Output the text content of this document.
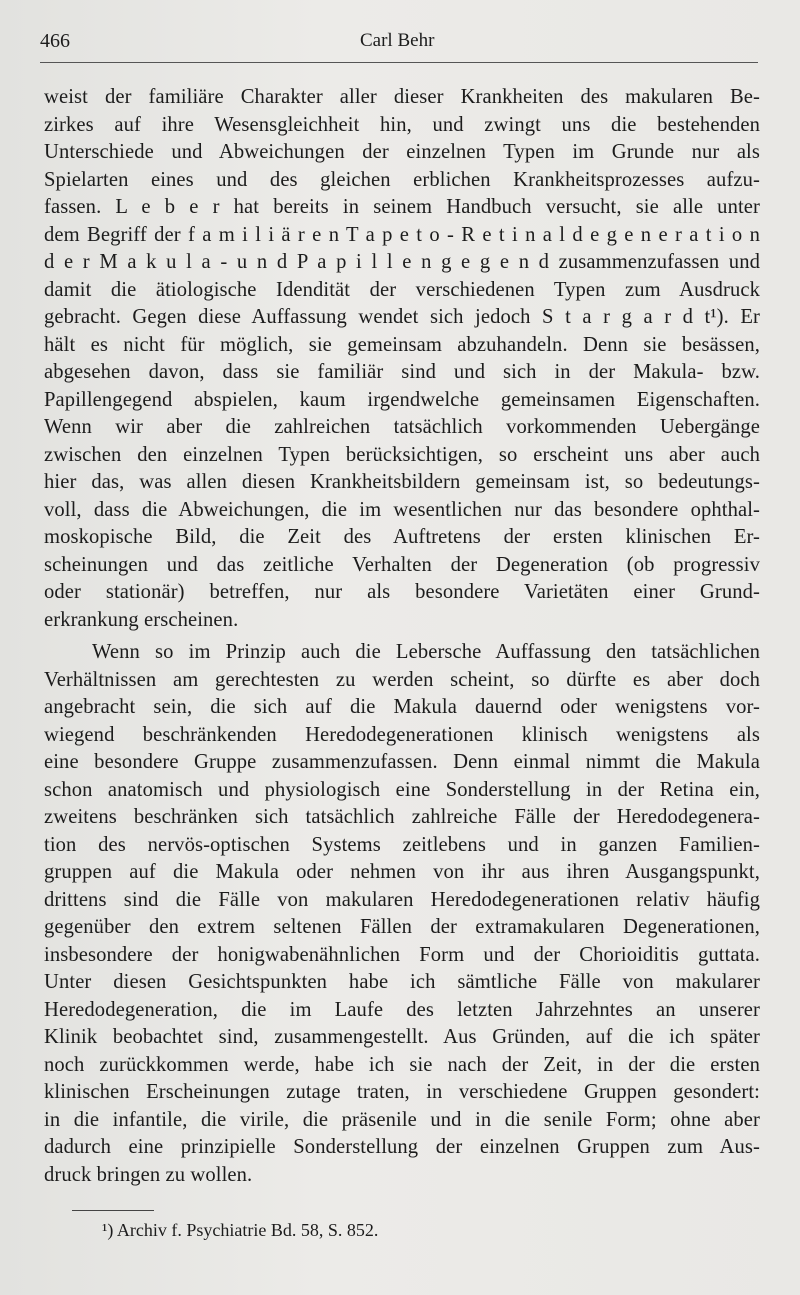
466	Carl Behr
weist der familiäre Charakter aller dieser Krankheiten des makularen Be-
zirkes auf ihre Wesensgleichheit hin, und zwingt uns die bestehenden
Unterschiede und Abweichungen der einzelnen Typen im Grunde nur als
Spielarten eines und des gleichen erblichen Krankheitsprozesses aufzu-
fassen. L e b e r hat bereits in seinem Handbuch versucht, sie alle unter
dem Begriff der f a m i l i ä r e n T a p e t o - R e t i n a l d e g e n e r a t i o n
d e r M a k u l a - u n d P a p i l l e n g e g e n d zusammenzufassen und
damit die ätiologische Idendität der verschiedenen Typen zum Ausdruck
gebracht. Gegen diese Auffassung wendet sich jedoch S t a r g a r d t¹). Er
hält es nicht für möglich, sie gemeinsam abzuhandeln. Denn sie besässen,
abgesehen davon, dass sie familiär sind und sich in der Makula- bzw.
Papillengegend abspielen, kaum irgendwelche gemeinsamen Eigenschaften.
Wenn wir aber die zahlreichen tatsächlich vorkommenden Uebergänge
zwischen den einzelnen Typen berücksichtigen, so erscheint uns aber auch
hier das, was allen diesen Krankheitsbildern gemeinsam ist, so bedeutungs-
voll, dass die Abweichungen, die im wesentlichen nur das besondere ophthal-
moskopische Bild, die Zeit des Auftretens der ersten klinischen Er-
scheinungen und das zeitliche Verhalten der Degeneration (ob progressiv
oder stationär) betreffen, nur als besondere Varietäten einer Grund-
erkrankung erscheinen.
Wenn so im Prinzip auch die Lebersche Auffassung den tatsächlichen
Verhältnissen am gerechtesten zu werden scheint, so dürfte es aber doch
angebracht sein, die sich auf die Makula dauernd oder wenigstens vor-
wiegend beschränkenden Heredodegenerationen klinisch wenigstens als
eine besondere Gruppe zusammenzufassen. Denn einmal nimmt die Makula
schon anatomisch und physiologisch eine Sonderstellung in der Retina ein,
zweitens beschränken sich tatsächlich zahlreiche Fälle der Heredodegenera-
tion des nervös-optischen Systems zeitlebens und in ganzen Familien-
gruppen auf die Makula oder nehmen von ihr aus ihren Ausgangspunkt,
drittens sind die Fälle von makularen Heredodegenerationen relativ häufig
gegenüber den extrem seltenen Fällen der extramakularen Degenerationen,
insbesondere der honigwabenähnlichen Form und der Chorioiditis guttata.
Unter diesen Gesichtspunkten habe ich sämtliche Fälle von makularer
Heredodegeneration, die im Laufe des letzten Jahrzehntes an unserer
Klinik beobachtet sind, zusammengestellt. Aus Gründen, auf die ich später
noch zurückkommen werde, habe ich sie nach der Zeit, in der die ersten
klinischen Erscheinungen zutage traten, in verschiedene Gruppen gesondert:
in die infantile, die virile, die präsenile und in die senile Form; ohne aber
dadurch eine prinzipielle Sonderstellung der einzelnen Gruppen zum Aus-
druck bringen zu wollen.
¹) Archiv f. Psychiatrie Bd. 58, S. 852.
